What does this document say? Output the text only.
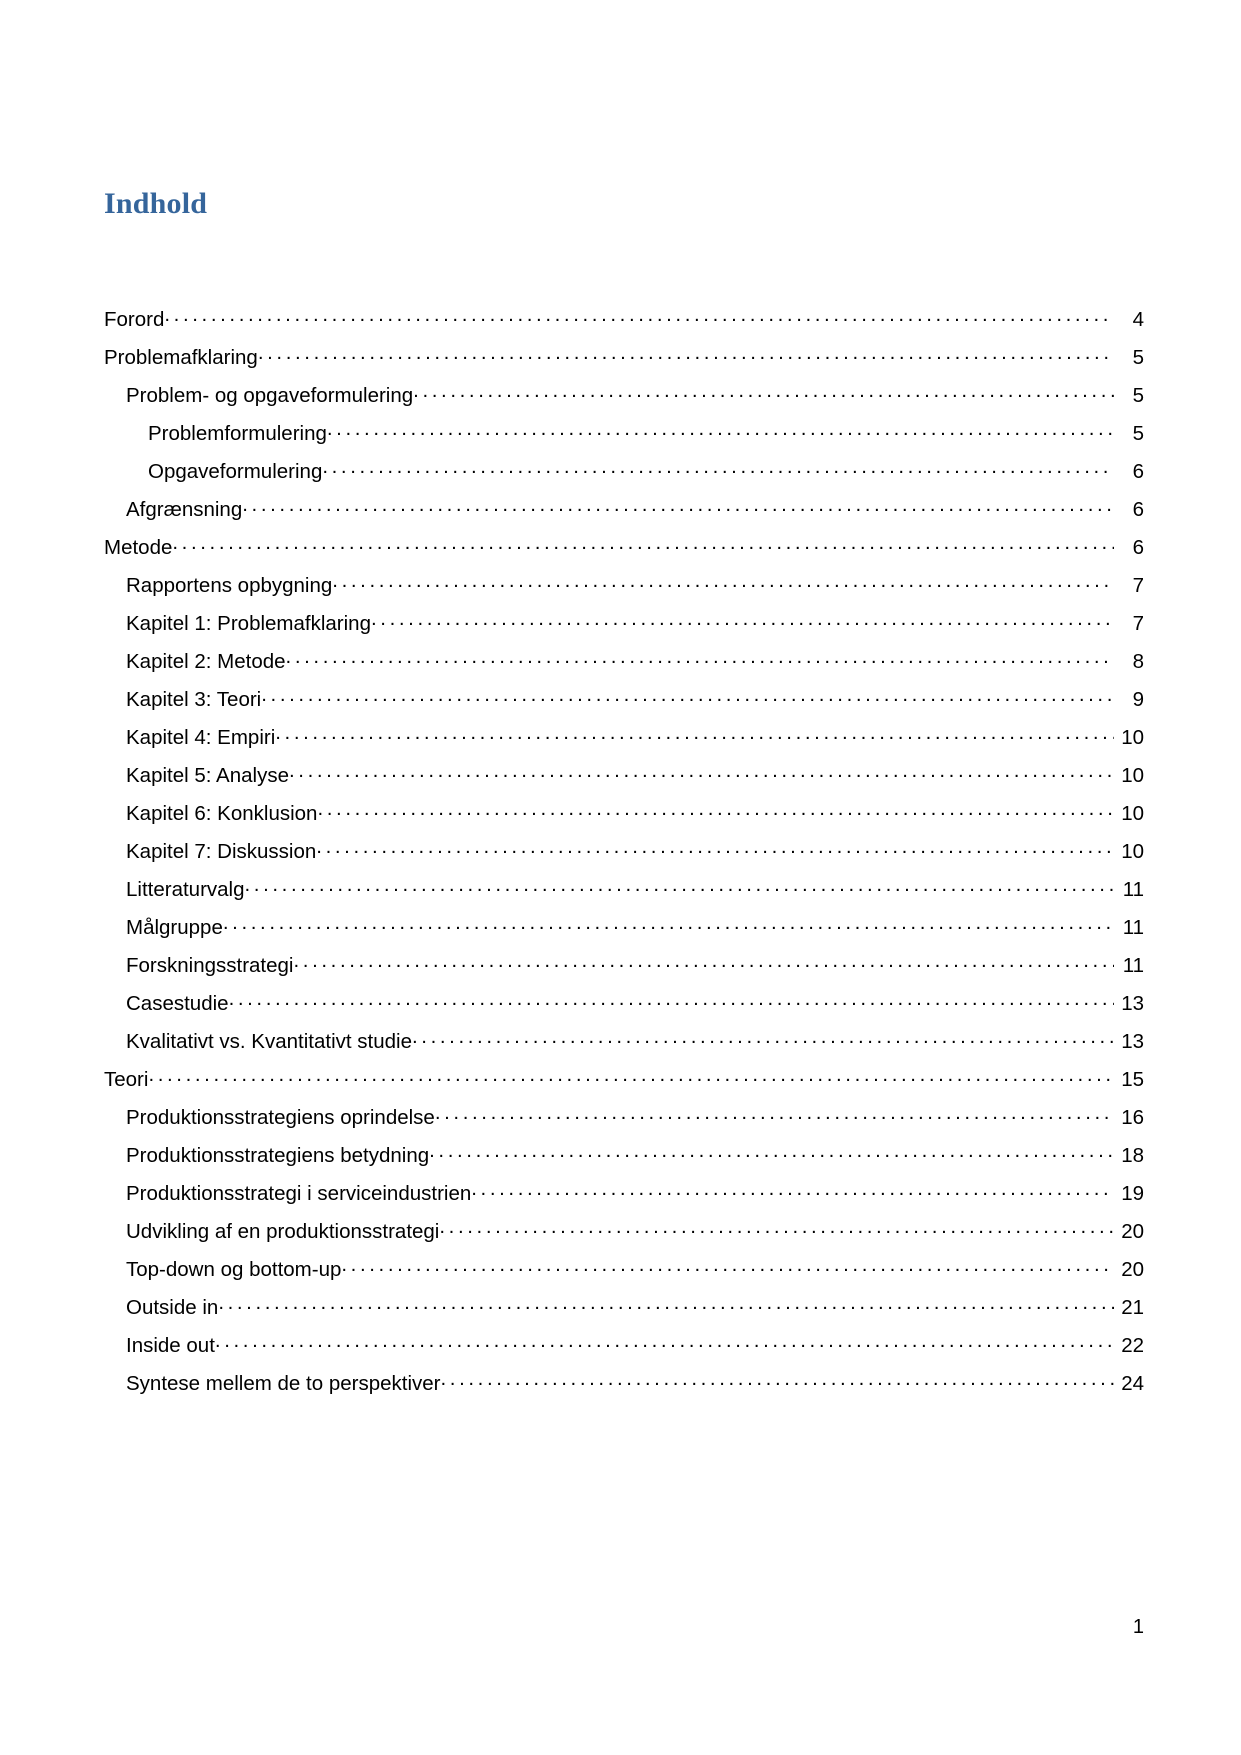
Indhold
Forord . . .	4
Problemafklaring . . .	5
Problem- og opgaveformulering . . .	5
Problemformulering . . .	5
Opgaveformulering . . .	6
Afgrænsning . . .	6
Metode . . .	6
Rapportens opbygning . . .	7
Kapitel 1: Problemafklaring . . .	7
Kapitel 2: Metode . . .	8
Kapitel 3: Teori . . .	9
Kapitel 4: Empiri . . .	10
Kapitel 5: Analyse . . .	10
Kapitel 6: Konklusion . . .	10
Kapitel 7: Diskussion . . .	10
Litteraturvalg . . .	11
Målgruppe . . .	11
Forskningsstrategi . . .	11
Casestudie . . .	13
Kvalitativt vs. Kvantitativt studie . . .	13
Teori . . .	15
Produktionsstrategiens oprindelse . . .	16
Produktionsstrategiens betydning . . .	18
Produktionsstrategi i serviceindustrien . . .	19
Udvikling af en produktionsstrategi . . .	20
Top-down og bottom-up . . .	20
Outside in . . .	21
Inside out . . .	22
Syntese mellem de to perspektiver . . .	24
1
